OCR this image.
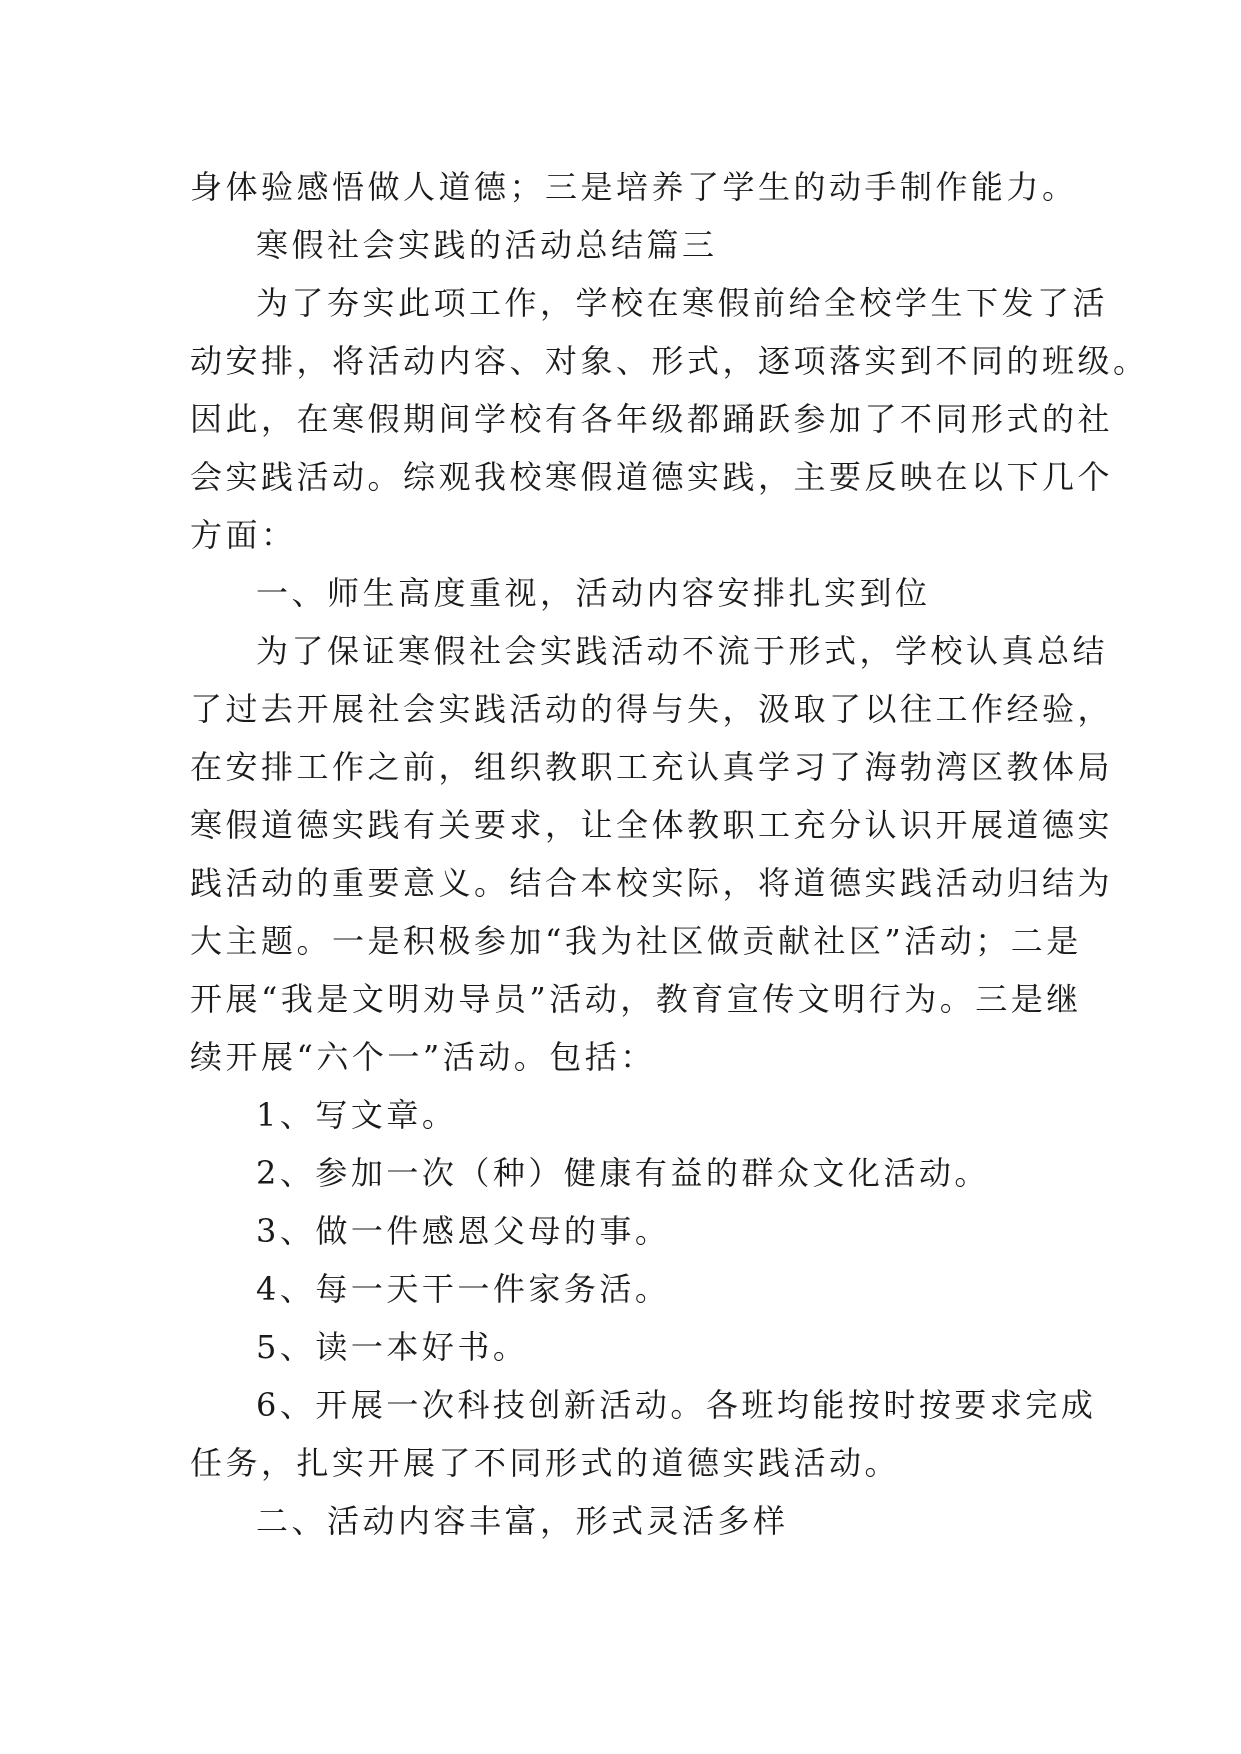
身体验感悟做人道德；三是培养了学生的动手制作能力。
寒假社会实践的活动总结篇三
为了夯实此项工作，学校在寒假前给全校学生下发了活
动安排，将活动内容、对象、形式，逐项落实到不同的班级。
因此，在寒假期间学校有各年级都踊跃参加了不同形式的社
会实践活动。综观我校寒假道德实践，主要反映在以下几个
方面：
一、师生高度重视，活动内容安排扎实到位
为了保证寒假社会实践活动不流于形式，学校认真总结
了过去开展社会实践活动的得与失，汲取了以往工作经验，
在安排工作之前，组织教职工充认真学习了海勃湾区教体局
寒假道德实践有关要求，让全体教职工充分认识开展道德实
践活动的重要意义。结合本校实际，将道德实践活动归结为
大主题。一是积极参加“我为社区做贡献社区”活动；二是
开展“我是文明劝导员”活动，教育宣传文明行为。三是继
续开展“六个一”活动。包括：
1、写文章。
2、参加一次（种）健康有益的群众文化活动。
3、做一件感恩父母的事。
4、每一天干一件家务活。
5、读一本好书。
6、开展一次科技创新活动。各班均能按时按要求完成
任务，扎实开展了不同形式的道德实践活动。
二、活动内容丰富，形式灵活多样
